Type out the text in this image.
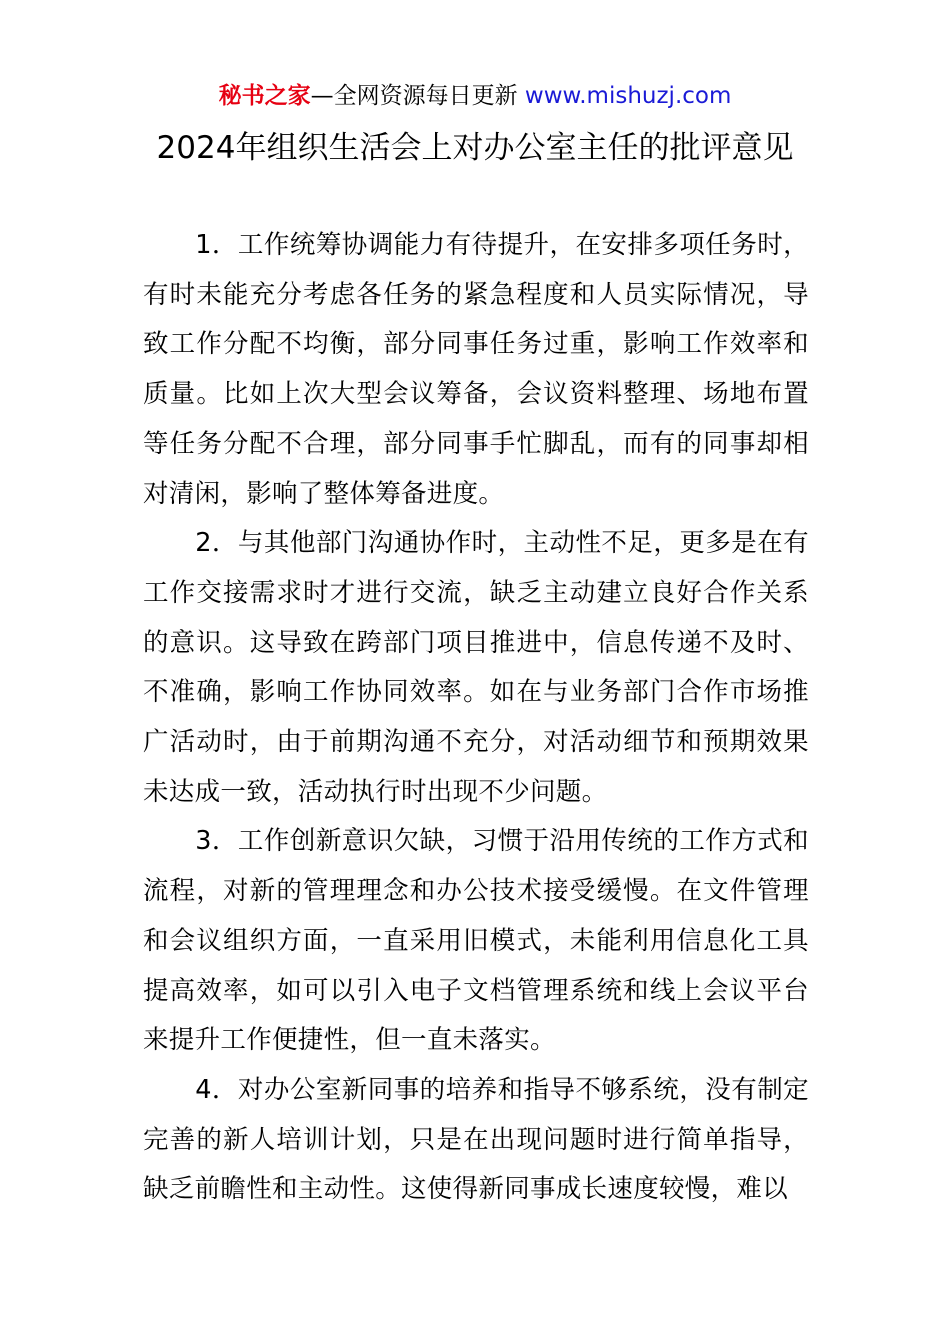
秘书之家—全网资源每日更新 www.mishuzj.com
2024年组织生活会上对办公室主任的批评意见

1．工作统筹协调能力有待提升，在安排多项任务时，有时未能充分考虑各任务的紧急程度和人员实际情况，导致工作分配不均衡，部分同事任务过重，影响工作效率和质量。比如上次大型会议筹备，会议资料整理、场地布置等任务分配不合理，部分同事手忙脚乱，而有的同事却相对清闲，影响了整体筹备进度。

2．与其他部门沟通协作时，主动性不足，更多是在有工作交接需求时才进行交流，缺乏主动建立良好合作关系的意识。这导致在跨部门项目推进中，信息传递不及时、不准确，影响工作协同效率。如在与业务部门合作市场推广活动时，由于前期沟通不充分，对活动细节和预期效果未达成一致，活动执行时出现不少问题。

3．工作创新意识欠缺，习惯于沿用传统的工作方式和流程，对新的管理理念和办公技术接受缓慢。在文件管理和会议组织方面，一直采用旧模式，未能利用信息化工具提高效率，如可以引入电子文档管理系统和线上会议平台来提升工作便捷性，但一直未落实。

4．对办公室新同事的培养和指导不够系统，没有制定完善的新人培训计划，只是在出现问题时进行简单指导，缺乏前瞻性和主动性。这使得新同事成长速度较慢，难以
